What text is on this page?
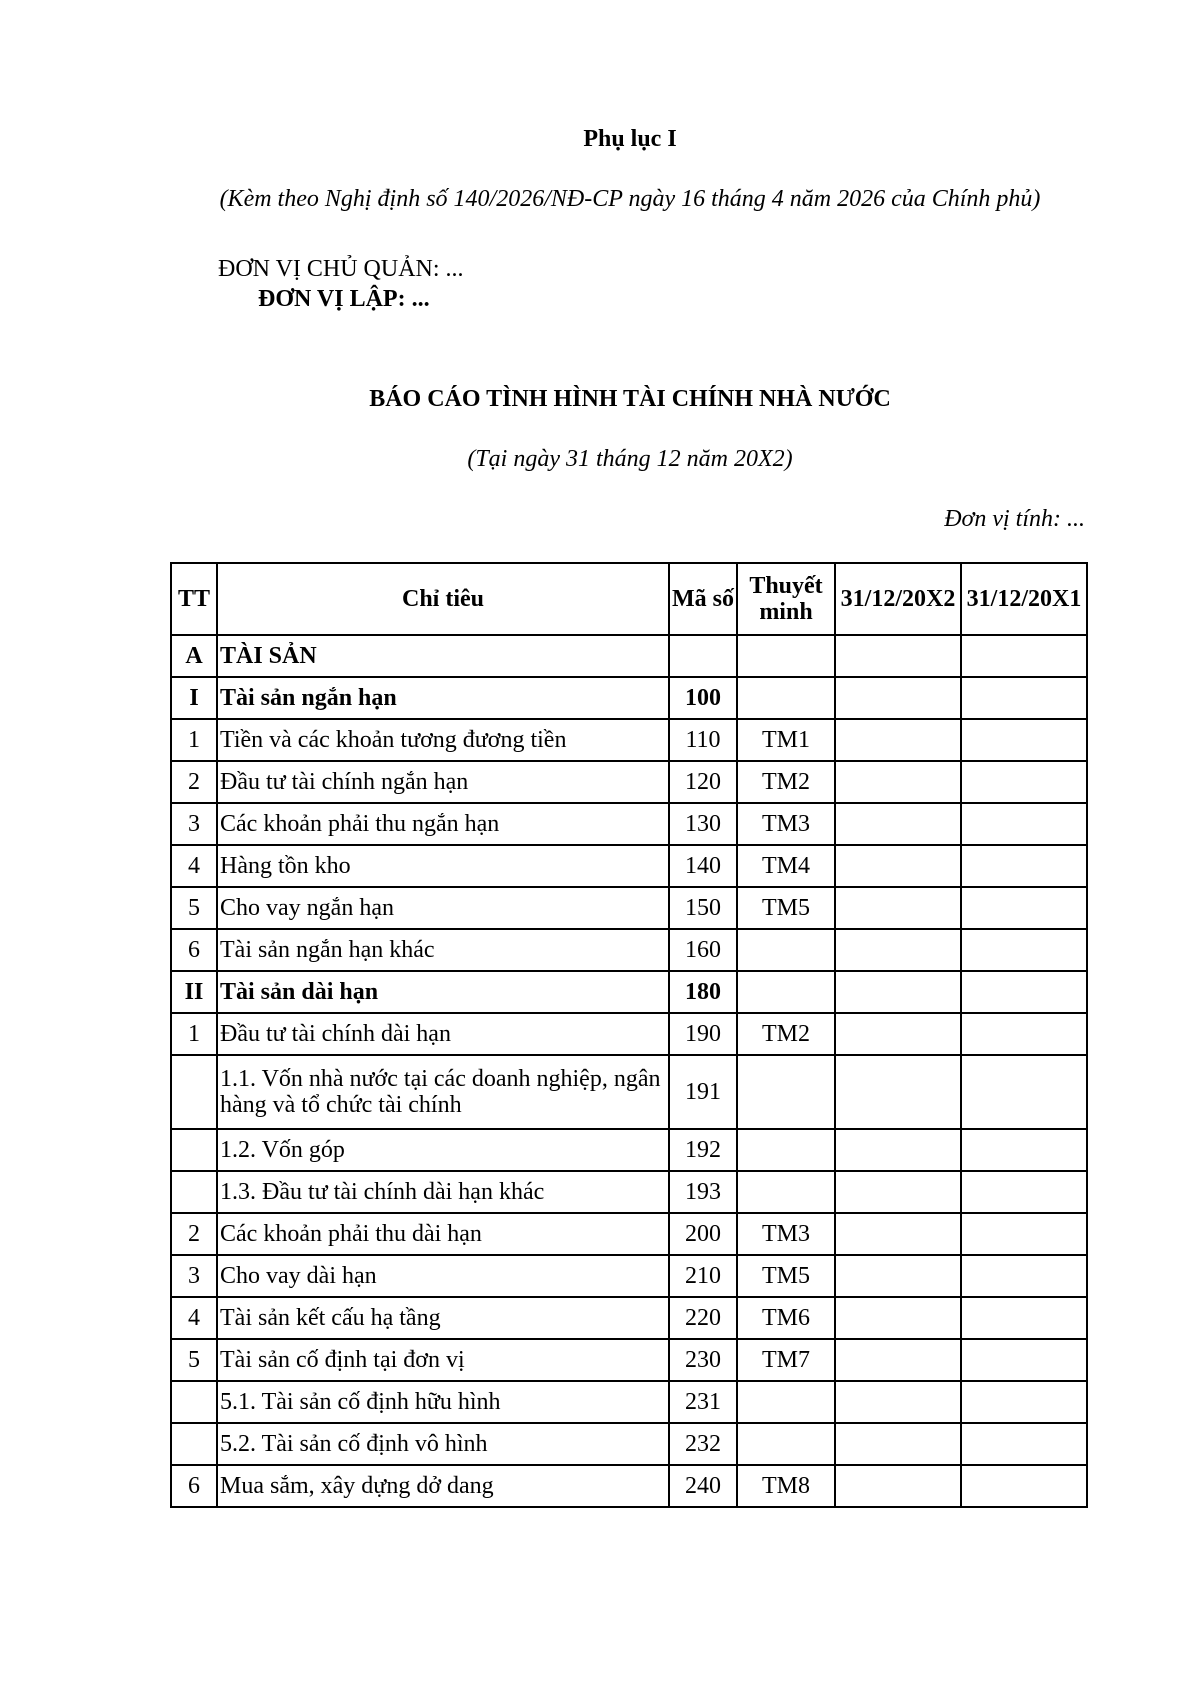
Phụ lục I
(Kèm theo Nghị định số 140/2026/NĐ-CP ngày 16 tháng 4 năm 2026 của Chính phủ)
ĐƠN VỊ CHỦ QUẢN: ...
ĐƠN VỊ LẬP: ...
BÁO CÁO TÌNH HÌNH TÀI CHÍNH NHÀ NƯỚC
(Tại ngày 31 tháng 12 năm 20X2)
Đơn vị tính: ...
TT	Chỉ tiêu	Mã số	Thuyết minh	31/12/20X2	31/12/20X1
A	TÀI SẢN				
I	Tài sản ngắn hạn	100			
1	Tiền và các khoản tương đương tiền	110	TM1		
2	Đầu tư tài chính ngắn hạn	120	TM2		
3	Các khoản phải thu ngắn hạn	130	TM3		
4	Hàng tồn kho	140	TM4		
5	Cho vay ngắn hạn	150	TM5		
6	Tài sản ngắn hạn khác	160			
II	Tài sản dài hạn	180			
1	Đầu tư tài chính dài hạn	190	TM2		
	1.1. Vốn nhà nước tại các doanh nghiệp, ngân hàng và tổ chức tài chính	191			
	1.2. Vốn góp	192			
	1.3. Đầu tư tài chính dài hạn khác	193			
2	Các khoản phải thu dài hạn	200	TM3		
3	Cho vay dài hạn	210	TM5		
4	Tài sản kết cấu hạ tầng	220	TM6		
5	Tài sản cố định tại đơn vị	230	TM7		
	5.1. Tài sản cố định hữu hình	231			
	5.2. Tài sản cố định vô hình	232			
6	Mua sắm, xây dựng dở dang	240	TM8		
